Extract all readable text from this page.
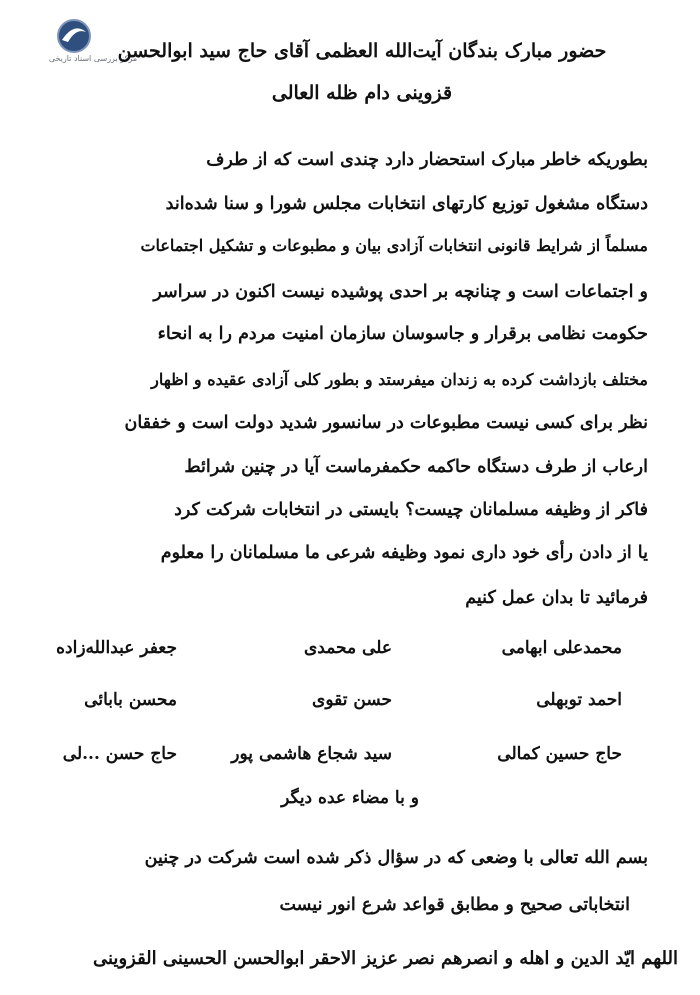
مرکز بررسی اسناد تاریخی
حضور مبارک بندگان آیت‌الله العظمی آقای حاج سید ابوالحسن
قزوینی دام ظله العالی
بطوریکه خاطر مبارک استحضار دارد چندی است که از طرف
دستگاه مشغول توزیع کارتهای انتخابات مجلس شورا و سنا شده‌اند
مسلماً از شرایط قانونی انتخابات آزادی بیان و مطبوعات و تشکیل اجتماعات
و اجتماعات است و چنانچه بر احدی پوشیده نیست اکنون در سراسر
حکومت نظامی برقرار و جاسوسان سازمان امنیت مردم را به انحاء
مختلف بازداشت کرده به زندان میفرستد و بطور کلی آزادی عقیده و اظهار
نظر برای کسی نیست مطبوعات در سانسور شدید دولت است و خفقان
ارعاب از طرف دستگاه حاکمه حکمفرماست آیا در چنین شرائط
فاکر از وظیفه مسلمانان چیست؟ بایستی در انتخابات شرکت کرد
یا از دادن رأی خود داری نمود وظیفه شرعی ما مسلمانان را معلوم
فرمائید تا بدان عمل کنیم
محمدعلی ابهامی
علی محمدی
جعفر عبدالله‌زاده
احمد توبهلی
حسن تقوی
محسن بابائی
حاج حسین کمالی
سید شجاع هاشمی پور
حاج حسن ...لی
و با مضاء عده دیگر
بسم الله تعالی با وضعی که در سؤال ذکر شده است شرکت در چنین
انتخاباتی صحیح و مطابق قواعد شرع انور نیست
اللهم ایّد الدین و اهله و انصرهم نصر عزیز الاحقر ابوالحسن الحسینی القزوینی
